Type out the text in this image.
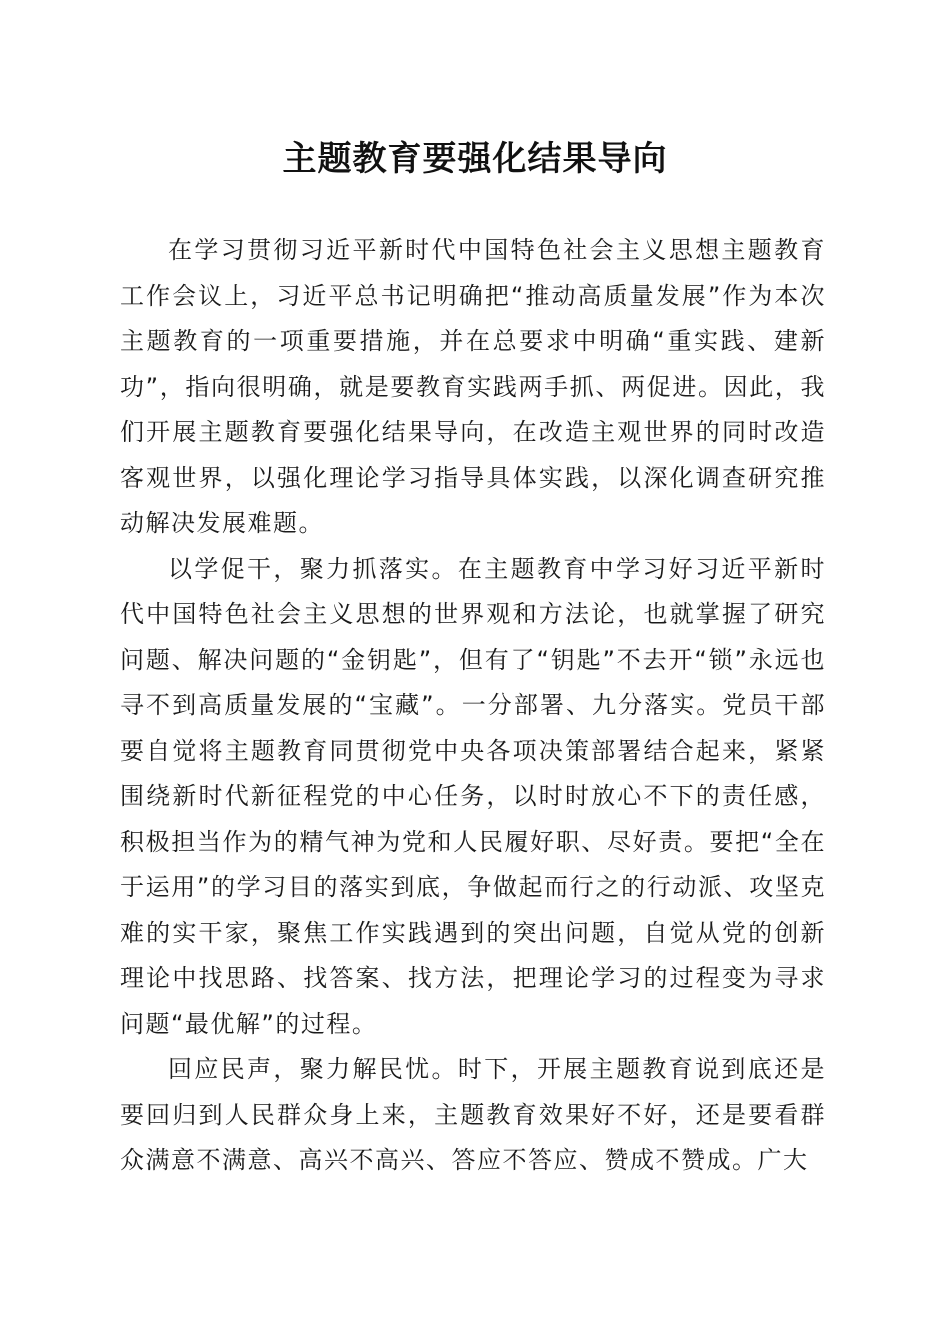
主题教育要强化结果导向

在学习贯彻习近平新时代中国特色社会主义思想主题教育工作会议上，习近平总书记明确把“推动高质量发展”作为本次主题教育的一项重要措施，并在总要求中明确“重实践、建新功”，指向很明确，就是要教育实践两手抓、两促进。因此，我们开展主题教育要强化结果导向，在改造主观世界的同时改造客观世界，以强化理论学习指导具体实践，以深化调查研究推动解决发展难题。

以学促干，聚力抓落实。在主题教育中学习好习近平新时代中国特色社会主义思想的世界观和方法论，也就掌握了研究问题、解决问题的“金钥匙”，但有了“钥匙”不去开“锁”永远也寻不到高质量发展的“宝藏”。一分部署、九分落实。党员干部要自觉将主题教育同贯彻党中央各项决策部署结合起来，紧紧围绕新时代新征程党的中心任务，以时时放心不下的责任感，积极担当作为的精气神为党和人民履好职、尽好责。要把“全在于运用”的学习目的落实到底，争做起而行之的行动派、攻坚克难的实干家，聚焦工作实践遇到的突出问题，自觉从党的创新理论中找思路、找答案、找方法，把理论学习的过程变为寻求问题“最优解”的过程。

回应民声，聚力解民忧。时下，开展主题教育说到底还是要回归到人民群众身上来，主题教育效果好不好，还是要看群众满意不满意、高兴不高兴、答应不答应、赞成不赞成。广大
